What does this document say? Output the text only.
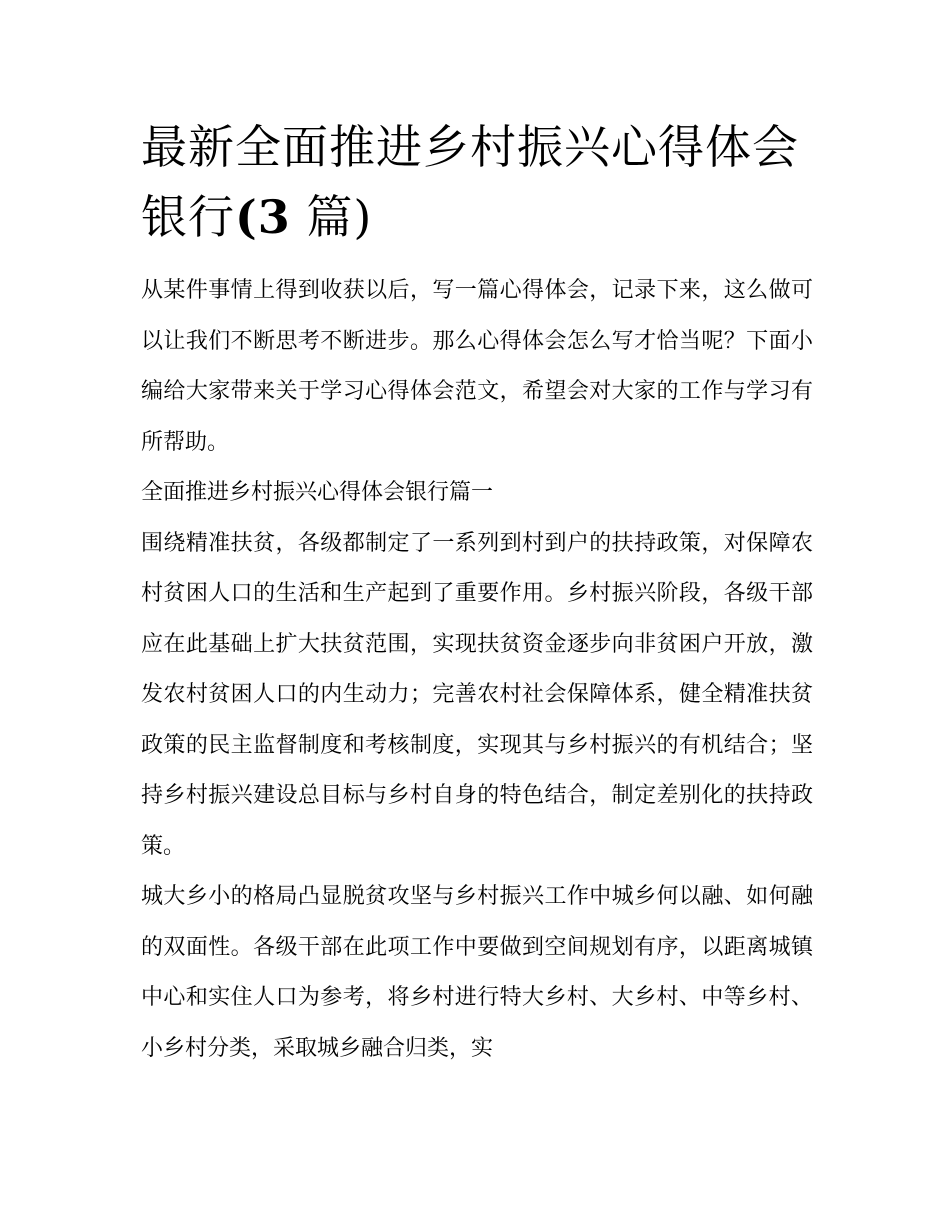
最新全面推进乡村振兴心得体会银行(3 篇)

从某件事情上得到收获以后，写一篇心得体会，记录下来，这么做可以让我们不断思考不断进步。那么心得体会怎么写才恰当呢？下面小编给大家带来关于学习心得体会范文，希望会对大家的工作与学习有所帮助。

全面推进乡村振兴心得体会银行篇一

围绕精准扶贫，各级都制定了一系列到村到户的扶持政策，对保障农村贫困人口的生活和生产起到了重要作用。乡村振兴阶段，各级干部应在此基础上扩大扶贫范围，实现扶贫资金逐步向非贫困户开放，激发农村贫困人口的内生动力；完善农村社会保障体系，健全精准扶贫政策的民主监督制度和考核制度，实现其与乡村振兴的有机结合；坚持乡村振兴建设总目标与乡村自身的特色结合，制定差别化的扶持政策。

城大乡小的格局凸显脱贫攻坚与乡村振兴工作中城乡何以融、如何融的双面性。各级干部在此项工作中要做到空间规划有序，以距离城镇中心和实住人口为参考，将乡村进行特大乡村、大乡村、中等乡村、小乡村分类，采取城乡融合归类，实
